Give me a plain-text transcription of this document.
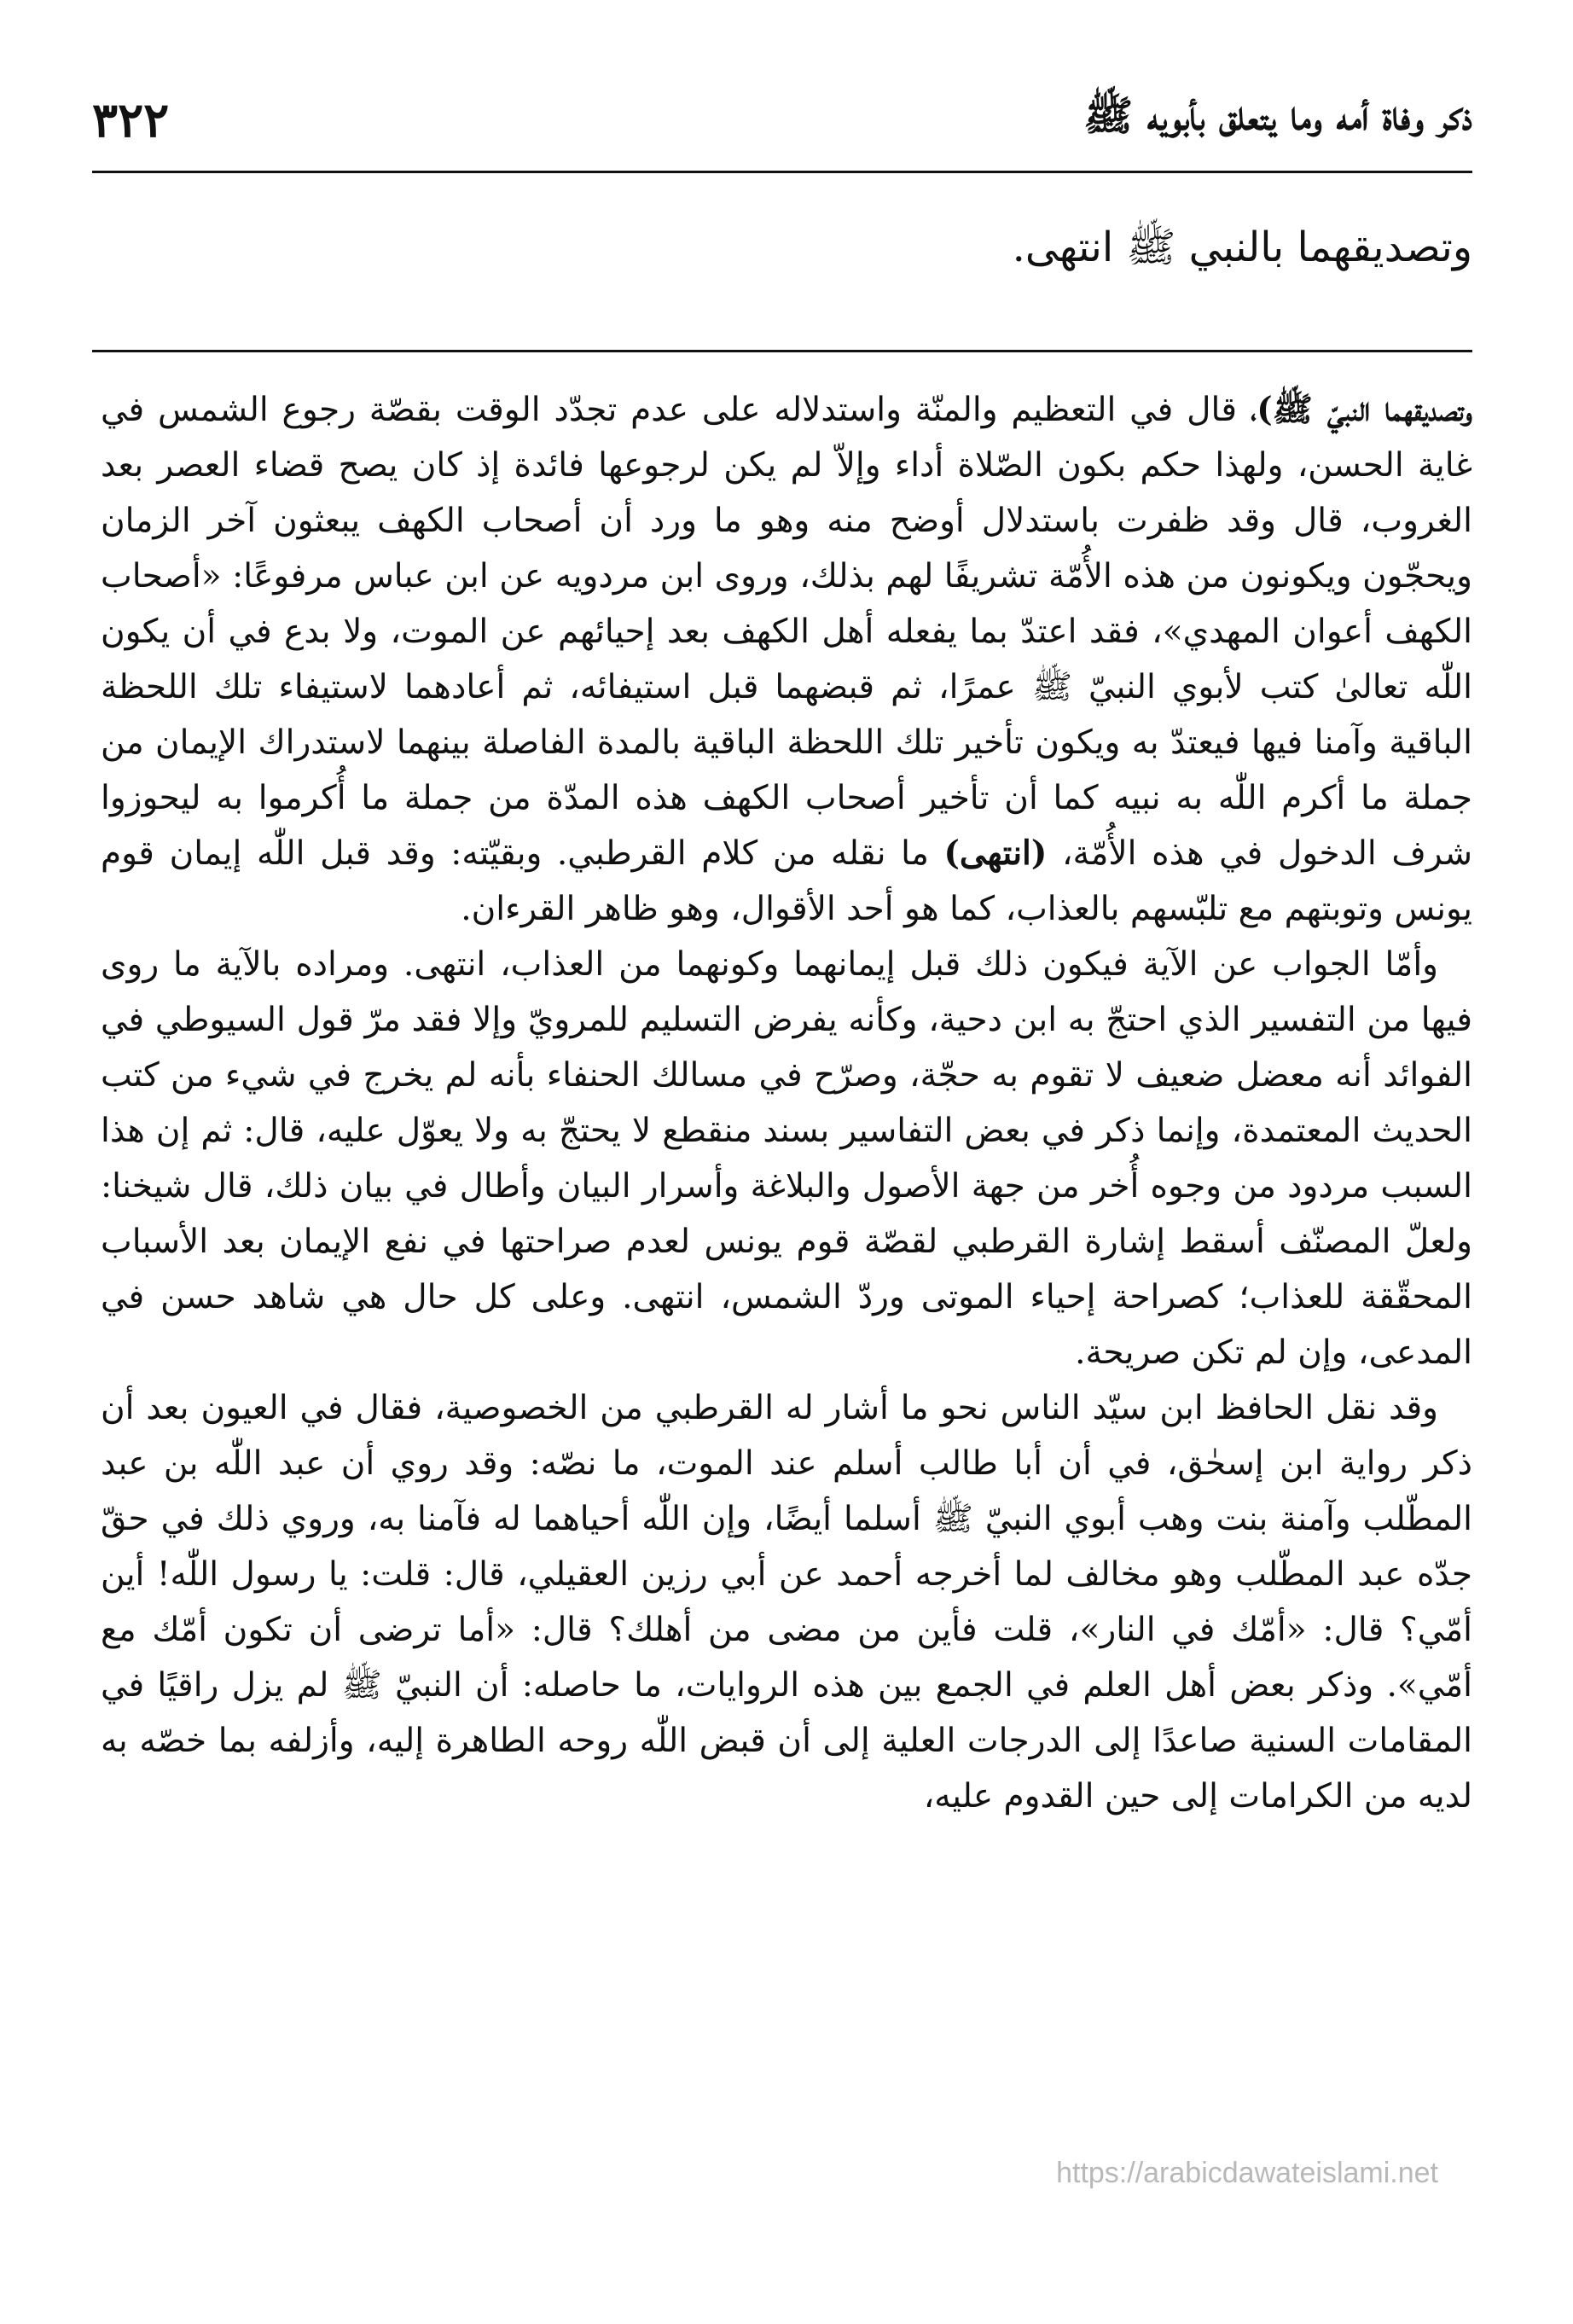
٣٢٢	ذكر وفاة أمه وما يتعلق بأبويه ﷺ
وتصديقهما بالنبي ﷺ انتهى.

وتصديقهما النبيّ ﷺ)، قال في التعظيم والمنّة واستدلاله على عدم تجدّد الوقت بقصّة رجوع الشمس في غاية الحسن، ولهذا حكم بكون الصّلاة أداء وإلاّ لم يكن لرجوعها فائدة إذ كان يصح قضاء العصر بعد الغروب، قال وقد ظفرت باستدلال أوضح منه وهو ما ورد أن أصحاب الكهف يبعثون آخر الزمان ويحجّون ويكونون من هذه الأُمّة تشريفًا لهم بذلك، وروى ابن مردويه عن ابن عباس مرفوعًا: «أصحاب الكهف أعوان المهدي»، فقد اعتدّ بما يفعله أهل الكهف بعد إحيائهم عن الموت، ولا بدع في أن يكون اللّٰه تعالىٰ كتب لأبوي النبيّ ﷺ عمرًا، ثم قبضهما قبل استيفائه، ثم أعادهما لاستيفاء تلك اللحظة الباقية وآمنا فيها فيعتدّ به ويكون تأخير تلك اللحظة الباقية بالمدة الفاصلة بينهما لاستدراك الإيمان من جملة ما أكرم اللّٰه به نبيه كما أن تأخير أصحاب الكهف هذه المدّة من جملة ما أُكرموا به ليحوزوا شرف الدخول في هذه الأُمّة، (انتهى) ما نقله من كلام القرطبي. وبقيّته: وقد قبل اللّٰه إيمان قوم يونس وتوبتهم مع تلبّسهم بالعذاب، كما هو أحد الأقوال، وهو ظاهر القرءان.

وأمّا الجواب عن الآية فيكون ذلك قبل إيمانهما وكونهما من العذاب، انتهى. ومراده بالآية ما روى فيها من التفسير الذي احتجّ به ابن دحية، وكأنه يفرض التسليم للمرويّ وإلا فقد مرّ قول السيوطي في الفوائد أنه معضل ضعيف لا تقوم به حجّة، وصرّح في مسالك الحنفاء بأنه لم يخرج في شيء من كتب الحديث المعتمدة، وإنما ذكر في بعض التفاسير بسند منقطع لا يحتجّ به ولا يعوّل عليه، قال: ثم إن هذا السبب مردود من وجوه أُخر من جهة الأصول والبلاغة وأسرار البيان وأطال في بيان ذلك، قال شيخنا: ولعلّ المصنّف أسقط إشارة القرطبي لقصّة قوم يونس لعدم صراحتها في نفع الإيمان بعد الأسباب المحقّقة للعذاب؛ كصراحة إحياء الموتى وردّ الشمس، انتهى. وعلى كل حال هي شاهد حسن في المدعى، وإن لم تكن صريحة.

وقد نقل الحافظ ابن سيّد الناس نحو ما أشار له القرطبي من الخصوصية، فقال في العيون بعد أن ذكر رواية ابن إسحٰق، في أن أبا طالب أسلم عند الموت، ما نصّه: وقد روي أن عبد اللّٰه بن عبد المطّلب وآمنة بنت وهب أبوي النبيّ ﷺ أسلما أيضًا، وإن اللّٰه أحياهما له فآمنا به، وروي ذلك في حقّ جدّه عبد المطّلب وهو مخالف لما أخرجه أحمد عن أبي رزين العقيلي، قال: قلت: يا رسول اللّٰه! أين أمّي؟ قال: «أمّك في النار»، قلت فأين من مضى من أهلك؟ قال: «أما ترضى أن تكون أمّك مع أمّي». وذكر بعض أهل العلم في الجمع بين هذه الروايات، ما حاصله: أن النبيّ ﷺ لم يزل راقيًا في المقامات السنية صاعدًا إلى الدرجات العلية إلى أن قبض اللّٰه روحه الطاهرة إليه، وأزلفه بما خصّه به لديه من الكرامات إلى حين القدوم عليه،

https://arabicdawateislami.net
